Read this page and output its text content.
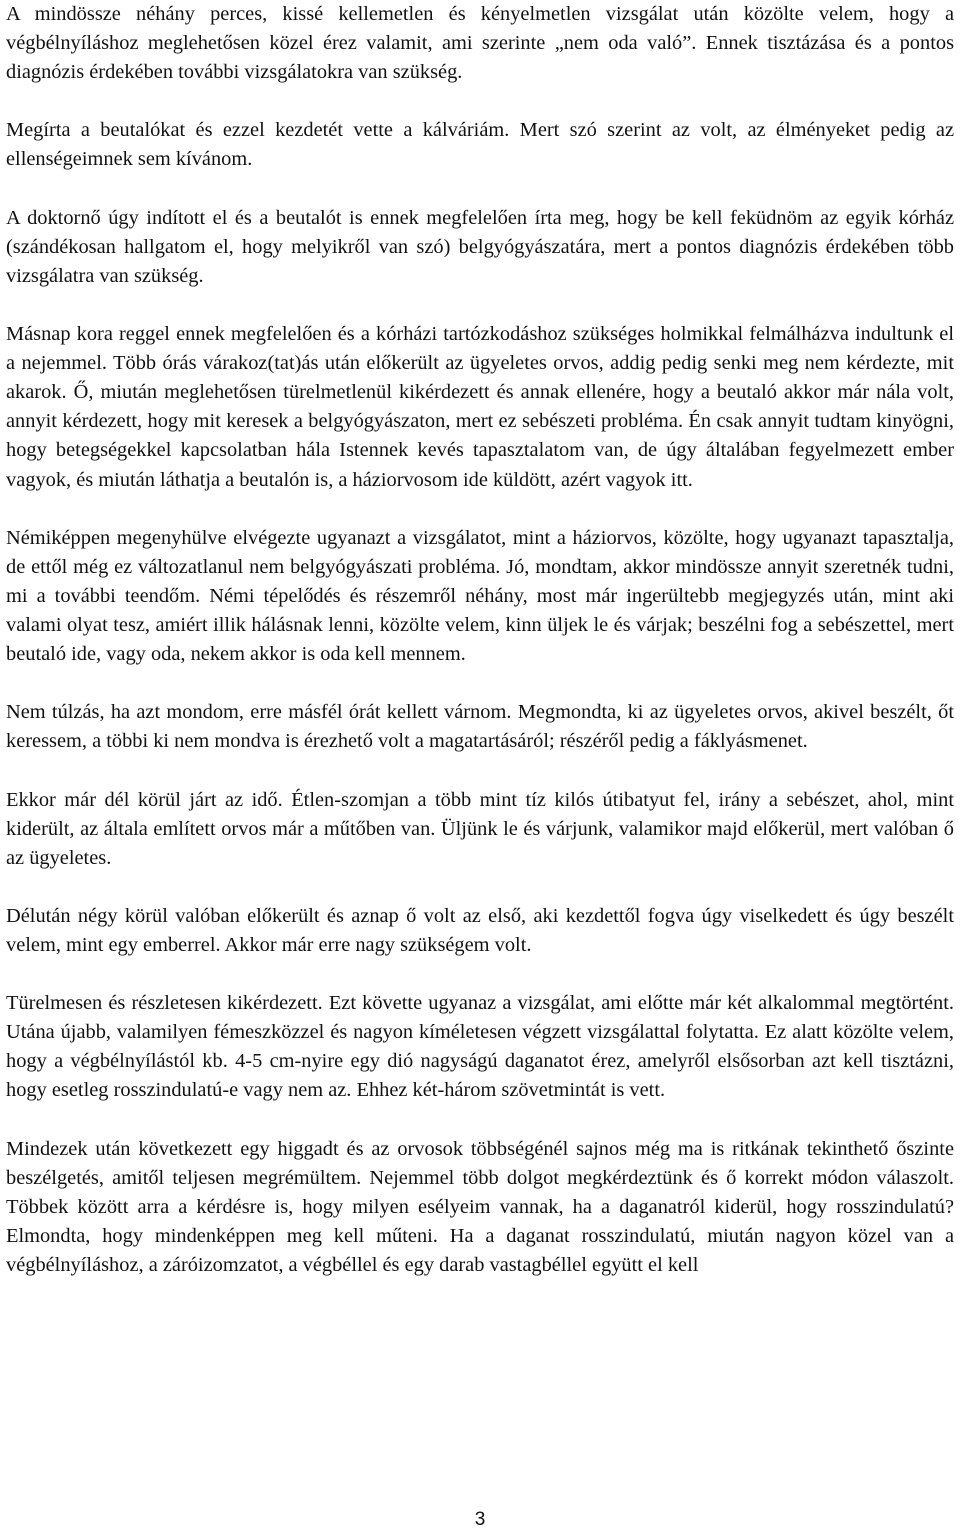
A mindössze néhány perces, kissé kellemetlen és kényelmetlen vizsgálat után közölte velem, hogy a végbélnyíláshoz meglehetősen közel érez valamit, ami szerinte „nem oda való”. Ennek tisztázása és a pontos diagnózis érdekében további vizsgálatokra van szükség.

Megírta a beutalókat és ezzel kezdetét vette a kálváriám. Mert szó szerint az volt, az élményeket pedig az ellenségeimnek sem kívánom.

A doktornő úgy indított el és a beutalót is ennek megfelelően írta meg, hogy be kell feküdnöm az egyik kórház (szándékosan hallgatom el, hogy melyikről van szó) belgyógyászatára, mert a pontos diagnózis érdekében több vizsgálatra van szükség.

Másnap kora reggel ennek megfelelően és a kórházi tartózkodáshoz szükséges holmikkal felmálházva indultunk el a nejemmel. Több órás várakoz(tat)ás után előkerült az ügyeletes orvos, addig pedig senki meg nem kérdezte, mit akarok. Ő, miután meglehetősen türelmetlenül kikérdezett és annak ellenére, hogy a beutaló akkor már nála volt, annyit kérdezett, hogy mit keresek a belgyógyászaton, mert ez sebészeti probléma. Én csak annyit tudtam kinyögni, hogy betegségekkel kapcsolatban hála Istennek kevés tapasztalatom van, de úgy általában fegyelmezett ember vagyok, és miután láthatja a beutalón is, a háziorvosom ide küldött, azért vagyok itt.

Némiképpen megenyhülve elvégezte ugyanazt a vizsgálatot, mint a háziorvos, közölte, hogy ugyanazt tapasztalja, de ettől még ez változatlanul nem belgyógyászati probléma. Jó, mondtam, akkor mindössze annyit szeretnék tudni, mi a további teendőm. Némi tépelődés és részemről néhány, most már ingerültebb megjegyzés után, mint aki valami olyat tesz, amiért illik hálásnak lenni, közölte velem, kinn üljek le és várjak; beszélni fog a sebészettel, mert beutaló ide, vagy oda, nekem akkor is oda kell mennem.

Nem túlzás, ha azt mondom, erre másfél órát kellett várnom. Megmondta, ki az ügyeletes orvos, akivel beszélt, őt keressem, a többi ki nem mondva is érezhető volt a magatartásáról; részéről pedig a fáklyásmenet.

Ekkor már dél körül járt az idő. Étlen-szomjan a több mint tíz kilós útibatyut fel, irány a sebészet, ahol, mint kiderült, az általa említett orvos már a műtőben van. Üljünk le és várjunk, valamikor majd előkerül, mert valóban ő az ügyeletes.

Délután négy körül valóban előkerült és aznap ő volt az első, aki kezdettől fogva úgy viselkedett és úgy beszélt velem, mint egy emberrel. Akkor már erre nagy szükségem volt.

Türelmesen és részletesen kikérdezett. Ezt követte ugyanaz a vizsgálat, ami előtte már két alkalommal megtörtént. Utána újabb, valamilyen fémeszközzel és nagyon kíméletesen végzett vizsgálattal folytatta. Ez alatt közölte velem, hogy a végbélnyílástól kb. 4-5 cm-nyire egy dió nagyságú daganatot érez, amelyről elsősorban azt kell tisztázni, hogy esetleg rosszindulatú-e vagy nem az. Ehhez két-három szövetmintát is vett.

Mindezek után következett egy higgadt és az orvosok többségénél sajnos még ma is ritkának tekinthető őszinte beszélgetés, amitől teljesen megrémültem. Nejemmel több dolgot megkérdeztünk és ő korrekt módon válaszolt. Többek között arra a kérdésre is, hogy milyen esélyeim vannak, ha a daganatról kiderül, hogy rosszindulatú? Elmondta, hogy mindenképpen meg kell műteni. Ha a daganat rosszindulatú, miután nagyon közel van a végbélnyíláshoz, a záróizomzatot, a végbéllel és egy darab vastagbéllel együtt el kell

3
